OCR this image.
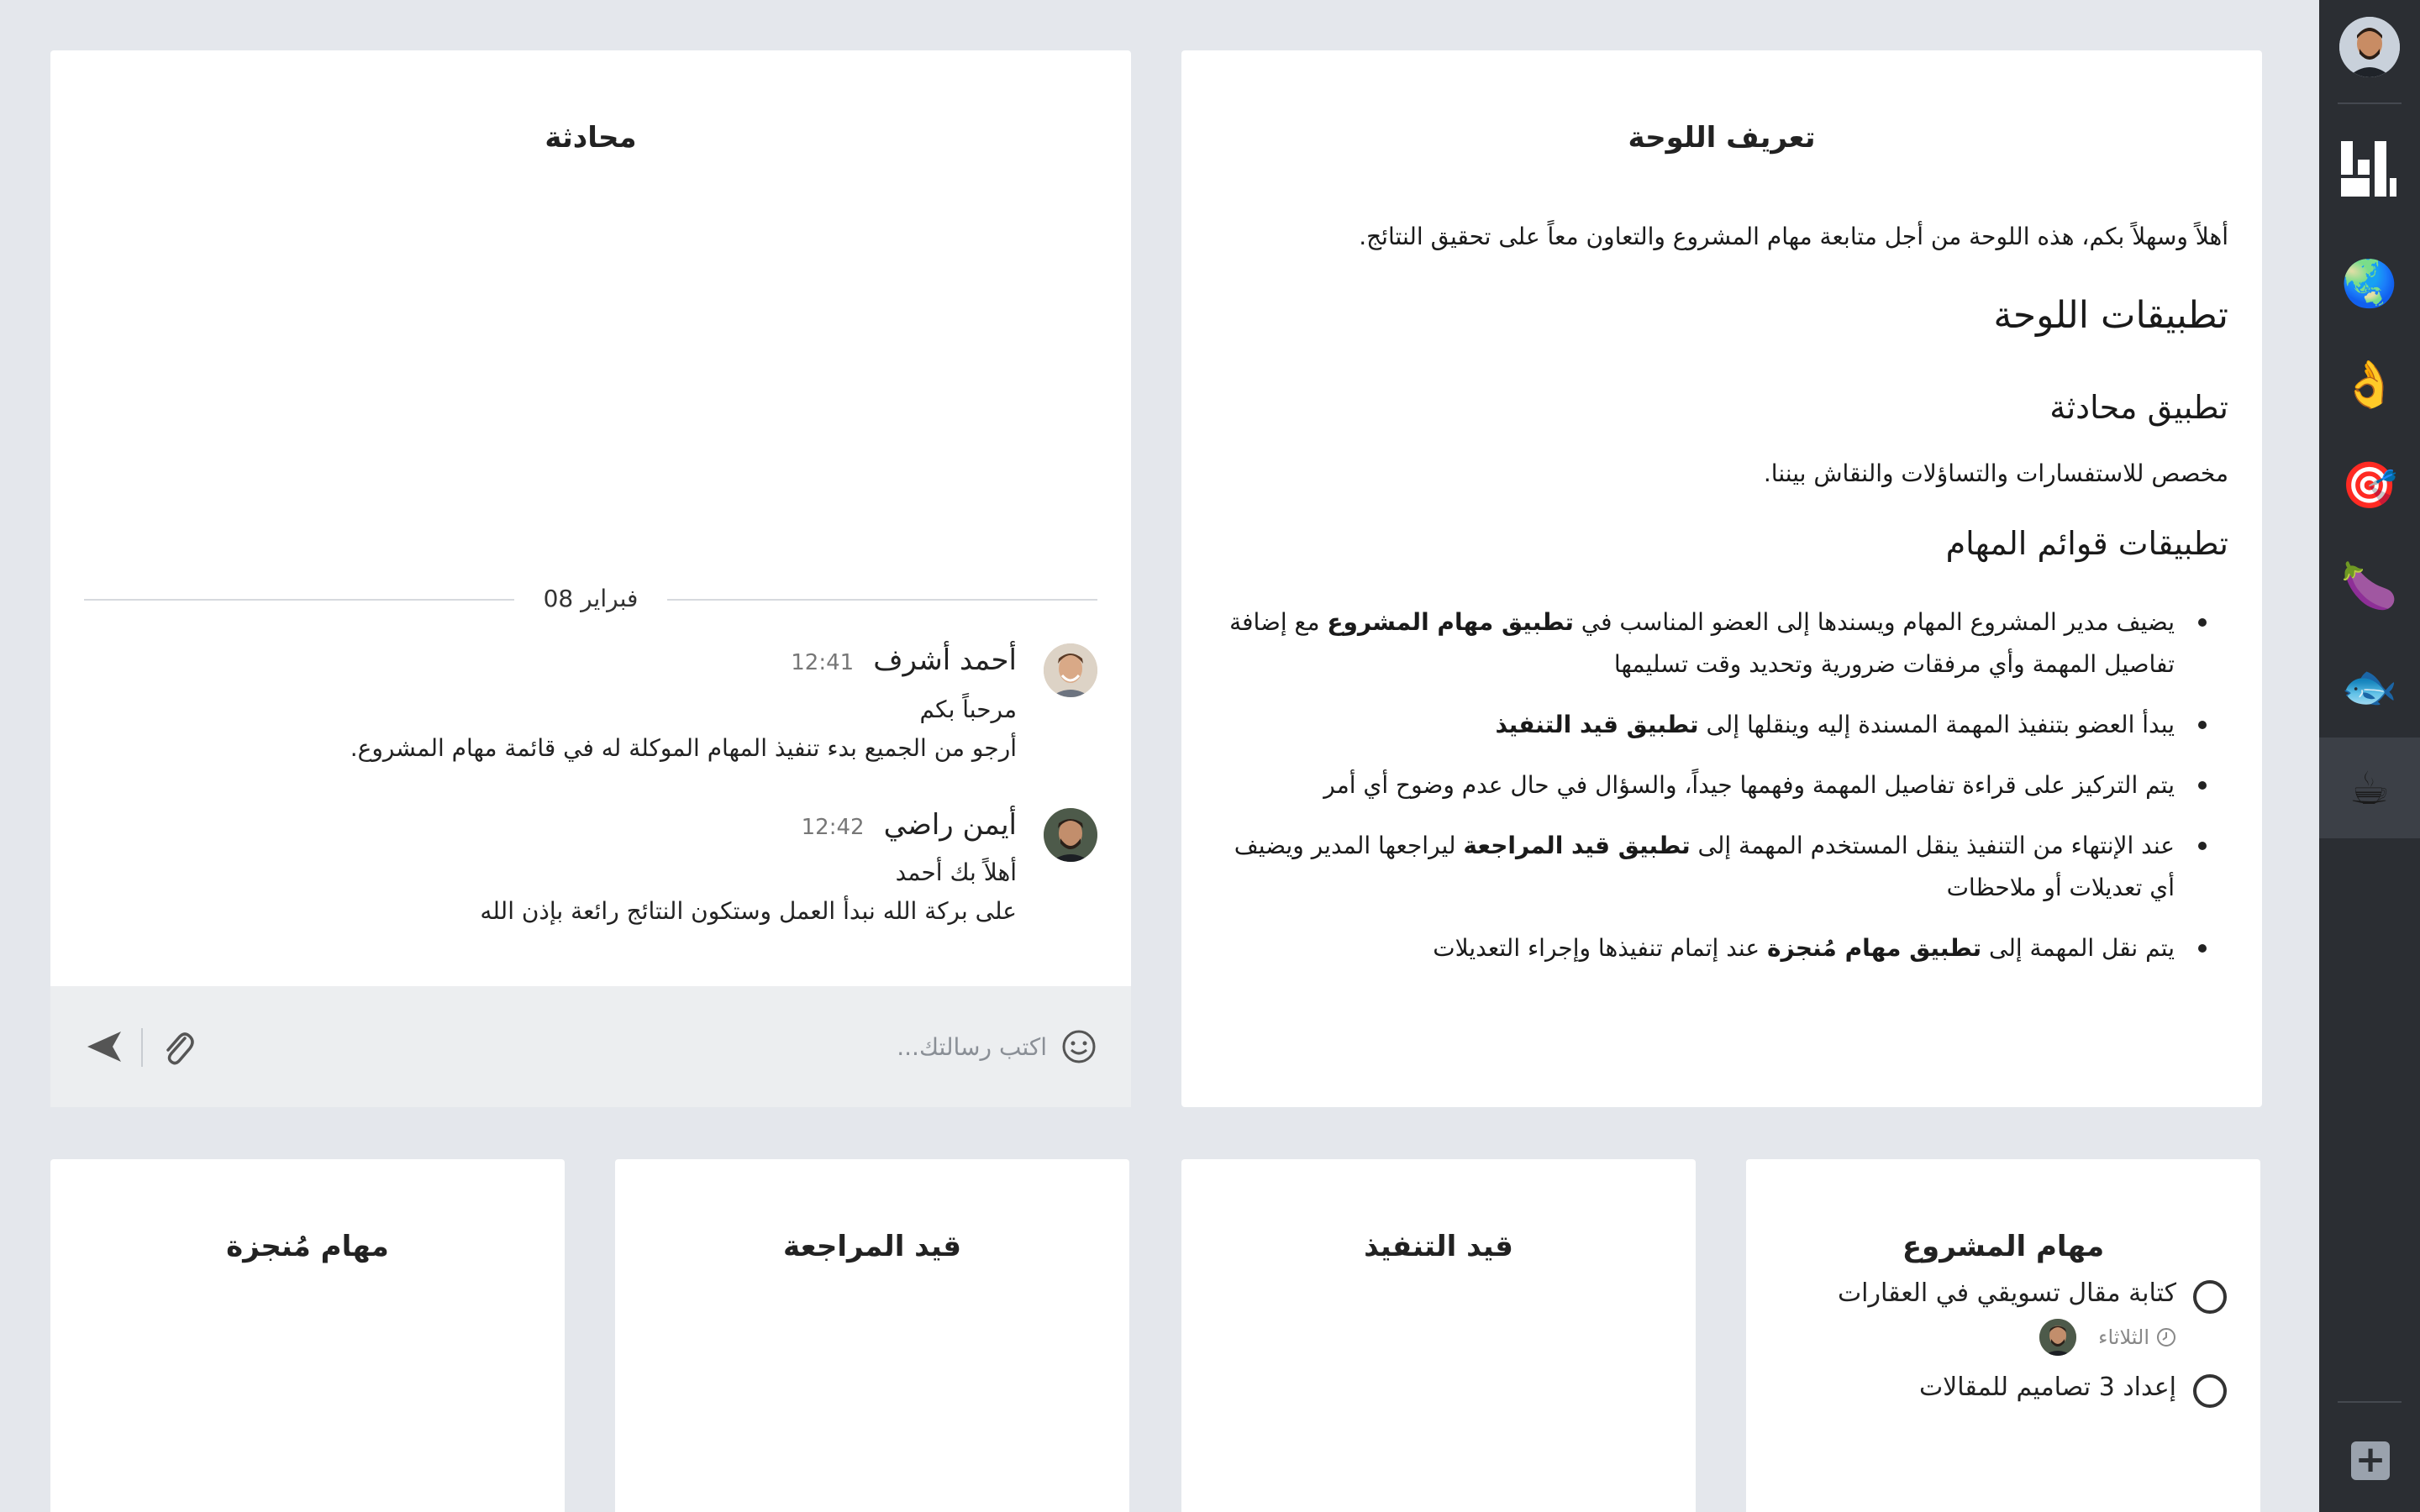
🌏
👌
🎯
🍆
🐟
☕
+
تعريف اللوحة

أهلاً وسهلاً بكم، هذه اللوحة من أجل متابعة مهام المشروع والتعاون معاً على تحقيق النتائج.

تطبيقات اللوحة
تطبيق محادثة

مخصص للاستفسارات والتساؤلات والنقاش بيننا.

تطبيقات قوائم المهام
يضيف مدير المشروع المهام ويسندها إلى العضو المناسب في تطبيق مهام المشروع مع إضافة تفاصيل المهمة وأي مرفقات ضرورية وتحديد وقت تسليمها
يبدأ العضو بتنفيذ المهمة المسندة إليه وينقلها إلى تطبيق قيد التنفيذ
يتم التركيز على قراءة تفاصيل المهمة وفهمها جيداً، والسؤال في حال عدم وضوح أي أمر
عند الإنتهاء من التنفيذ ينقل المستخدم المهمة إلى تطبيق قيد المراجعة ليراجعها المدير ويضيف أي تعديلات أو ملاحظات
يتم نقل المهمة إلى تطبيق مهام مُنجزة عند إتمام تنفيذها وإجراء التعديلات
محادثة
08 فبراير
أحمد أشرف 12:41
مرحباً بكم
أرجو من الجميع بدء تنفيذ المهام الموكلة له في قائمة مهام المشروع.
أيمن راضي 12:42
أهلاً بك أحمد
على بركة الله نبدأ العمل وستكون النتائج رائعة بإذن الله
اكتب رسالتك...
مهام المشروع
كتابة مقال تسويقي في العقارات
الثلاثاء
إعداد 3 تصاميم للمقالات
قيد التنفيذ
قيد المراجعة
مهام مُنجزة
